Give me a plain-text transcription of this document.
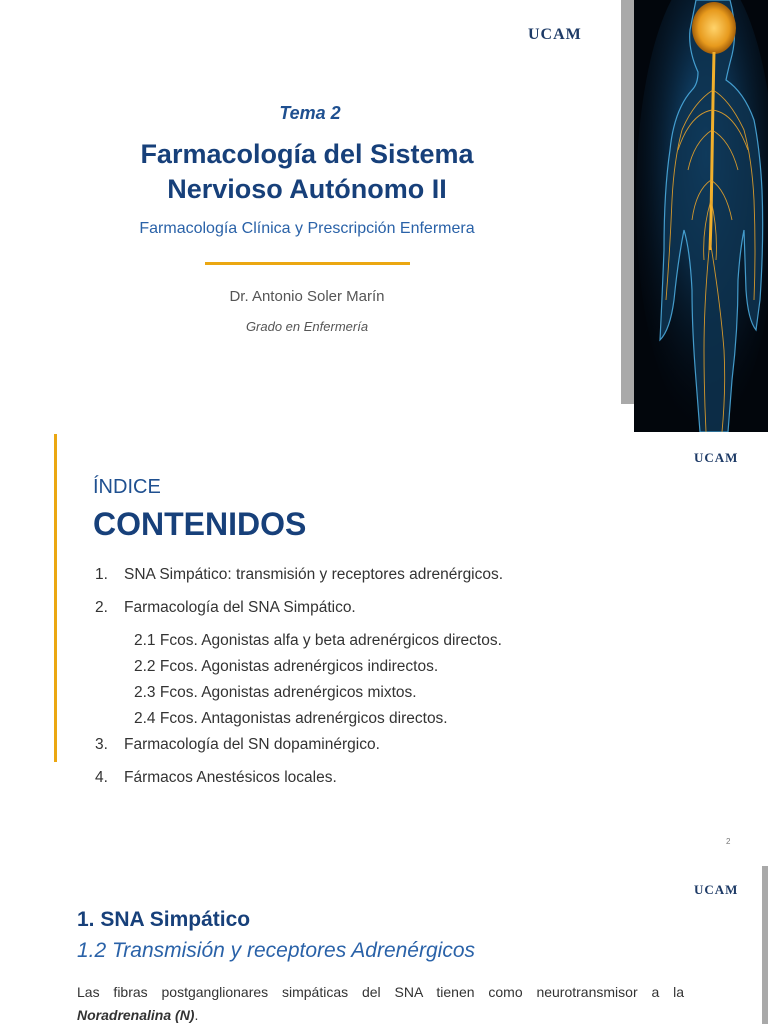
UCAM
Tema 2
Farmacología del Sistema
Nervioso Autónomo II
Farmacología Clínica y Prescripción Enfermera
Dr. Antonio Soler Marín
Grado en Enfermería
UCAM
ÍNDICE
CONTENIDOS
1. SNA Simpático: transmisión y receptores adrenérgicos.
2. Farmacología del SNA Simpático.
2.1 Fcos. Agonistas alfa y beta adrenérgicos directos.
2.2 Fcos. Agonistas adrenérgicos indirectos.
2.3 Fcos. Agonistas adrenérgicos mixtos.
2.4 Fcos. Antagonistas adrenérgicos directos.
3. Farmacología del SN dopaminérgico.
4. Fármacos Anestésicos locales.
2
UCAM
1. SNA Simpático
1.2 Transmisión y receptores Adrenérgicos
Las fibras postganglionares simpáticas del SNA tienen como neurotransmisor a la
Noradrenalina (N).
